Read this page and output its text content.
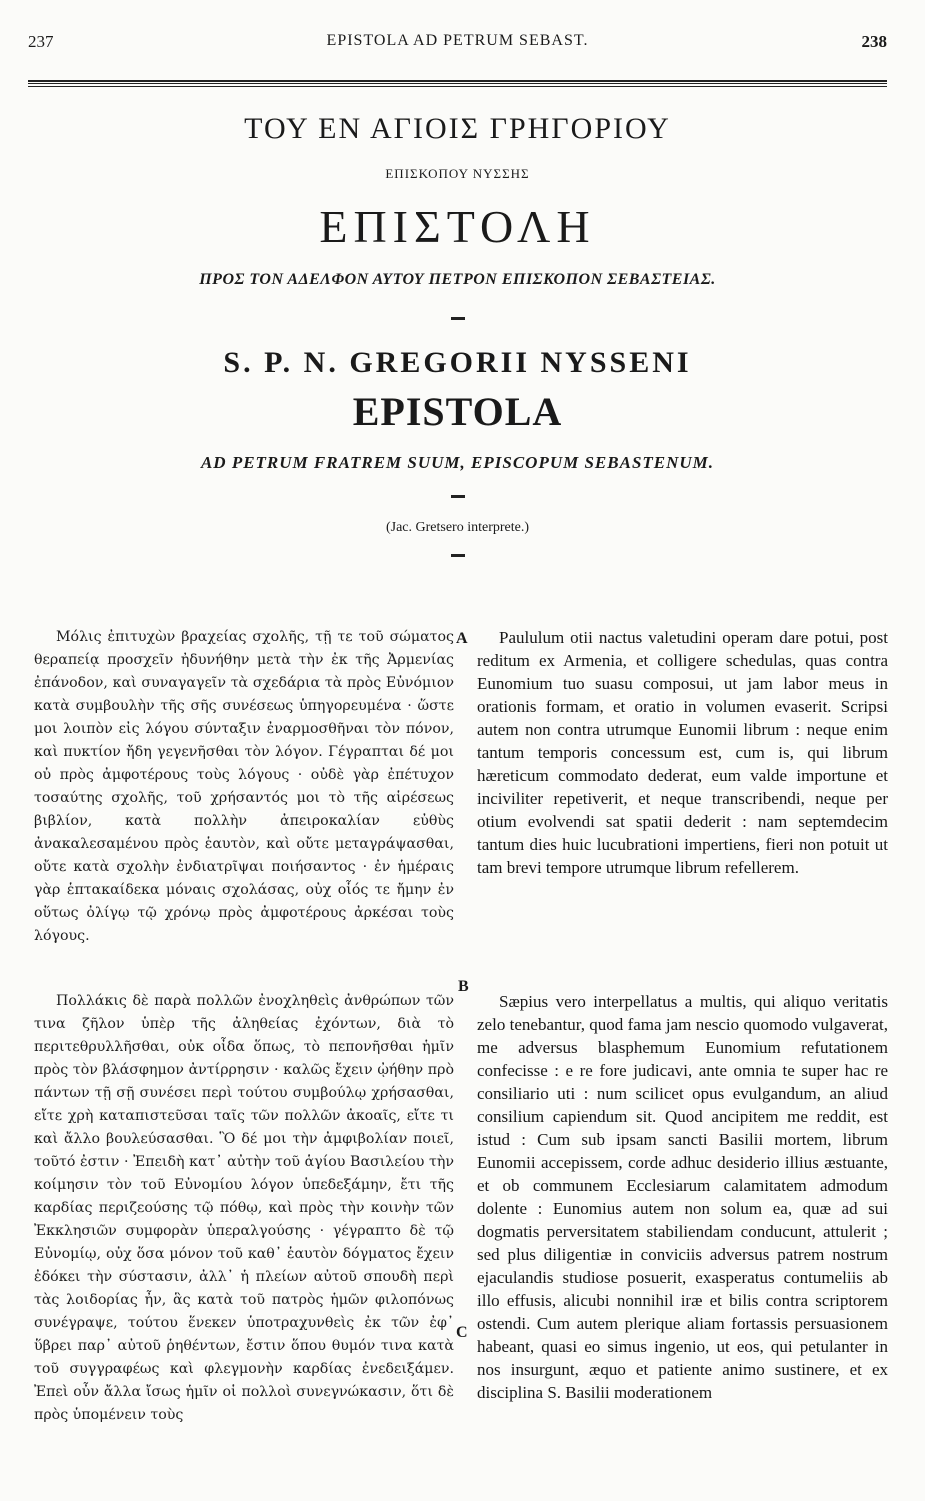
237	EPISTOLA AD PETRUM SEBAST.	238
ΤΟΥ ΕΝ ΑΓΙΟΙΣ ΓΡΗΓΟΡΙΟΥ
ΕΠΙΣΚΟΠΟΥ ΝΥΣΣΗΣ
ΕΠΙΣΤΟΛΗ
ΠΡΟΣ ΤΟΝ ΑΔΕΛΦΟΝ ΑΥΤΟΥ ΠΕΤΡΟΝ ΕΠΙΣΚΟΠΟΝ ΣΕΒΑΣΤΕΙΑΣ.
S. P. N. GREGORII NYSSENI
EPISTOLA
AD PETRUM FRATREM SUUM, EPISCOPUM SEBASTENUM.
(Jac. Gretsero interprete.)

Μόλις ἐπιτυχὼν βραχείας σχολῆς, τῇ τε τοῦ σώματος θεραπείᾳ προσχεῖν ἠδυνήθην μετὰ τὴν ἐκ τῆς Ἀρμενίας ἐπάνοδον, καὶ συναγαγεῖν τὰ σχεδάρια τὰ πρὸς Εὐνόμιον κατὰ συμβουλὴν τῆς σῆς συνέσεως ὑπηγορευμένα · ὥστε μοι λοιπὸν εἰς λόγου σύνταξιν ἐναρμοσθῆναι τὸν πόνον, καὶ πυκτίον ἤδη γεγενῆσθαι τὸν λόγον. Γέγραπται δέ μοι οὐ πρὸς ἀμφοτέρους τοὺς λόγους · οὐδὲ γὰρ ἐπέτυχον τοσαύτης σχολῆς, τοῦ χρήσαντός μοι τὸ τῆς αἱρέσεως βιβλίον, κατὰ πολλὴν ἀπειροκαλίαν εὐθὺς ἀνακαλεσαμένου πρὸς ἑαυτὸν, καὶ οὔτε μεταγράψασθαι, οὔτε κατὰ σχολὴν ἐνδιατρῖψαι ποιήσαντος · ἐν ἡμέραις γὰρ ἑπτακαίδεκα μόναις σχολάσας, οὐχ οἷός τε ἤμην ἐν οὕτως ὀλίγῳ τῷ χρόνῳ πρὸς ἀμφοτέρους ἀρκέσαι τοὺς λόγους.

Πολλάκις δὲ παρὰ πολλῶν ἐνοχληθεὶς ἀνθρώπων τῶν τινα ζῆλον ὑπὲρ τῆς ἀληθείας ἐχόντων, διὰ τὸ περιτεθρυλλῆσθαι, οὐκ οἶδα ὅπως, τὸ πεπονῆσθαι ἡμῖν πρὸς τὸν βλάσφημον ἀντίρρησιν · καλῶς ἔχειν ᾠήθην πρὸ πάντων τῇ σῇ συνέσει περὶ τούτου συμβούλῳ χρήσασθαι, εἴτε χρὴ καταπιστεῦσαι ταῖς τῶν πολλῶν ἀκοαῖς, εἴτε τι καὶ ἄλλο βουλεύσασθαι. Ὃ δέ μοι τὴν ἀμφιβολίαν ποιεῖ, τοῦτό ἐστιν · Ἐπειδὴ κατ᾽ αὐτὴν τοῦ ἁγίου Βασιλείου τὴν κοίμησιν τὸν τοῦ Εὐνομίου λόγον ὑπεδεξάμην, ἔτι τῆς καρδίας περιζεούσης τῷ πόθῳ, καὶ πρὸς τὴν κοινὴν τῶν Ἐκκλησιῶν συμφορὰν ὑπεραλγούσης · γέγραπτο δὲ τῷ Εὐνομίῳ, οὐχ ὅσα μόνον τοῦ καθ᾽ ἑαυτὸν δόγματος ἔχειν ἐδόκει τὴν σύστασιν, ἀλλ᾽ ἡ πλείων αὐτοῦ σπουδὴ περὶ τὰς λοιδορίας ἦν, ἃς κατὰ τοῦ πατρὸς ἡμῶν φιλοπόνως συνέγραψε, τούτου ἕνεκεν ὑποτραχυνθεὶς ἐκ τῶν ἐφ᾽ ὕβρει παρ᾽ αὐτοῦ ῥηθέντων, ἔστιν ὅπου θυμόν τινα κατὰ τοῦ συγγραφέως καὶ φλεγμονὴν καρδίας ἐνεδειξάμεν. Ἐπεὶ οὖν ἄλλα ἴσως ἡμῖν οἱ πολλοὶ συνεγνώκασιν, ὅτι δὲ πρὸς ὑπομένειν τοὺς

A
B
C

Paululum otii nactus valetudini operam dare potui, post reditum ex Armenia, et colligere schedulas, quas contra Eunomium tuo suasu composui, ut jam labor meus in orationis formam, et oratio in volumen evaserit. Scripsi autem non contra utrumque Eunomii librum : neque enim tantum temporis concessum est, cum is, qui librum hæreticum commodato dederat, eum valde importune et inciviliter repetiverit, et neque transcribendi, neque per otium evolvendi sat spatii dederit : nam septemdecim tantum dies huic lucubrationi impertiens, fieri non potuit ut tam brevi tempore utrumque librum refellerem.

Sæpius vero interpellatus a multis, qui aliquo veritatis zelo tenebantur, quod fama jam nescio quomodo vulgaverat, me adversus blasphemum Eunomium refutationem confecisse : e re fore judicavi, ante omnia te super hac re consiliario uti : num scilicet opus evulgandum, an aliud consilium capiendum sit. Quod ancipitem me reddit, est istud : Cum sub ipsam sancti Basilii mortem, librum Eunomii accepissem, corde adhuc desiderio illius æstuante, et ob communem Ecclesiarum calamitatem admodum dolente : Eunomius autem non solum ea, quæ ad sui dogmatis perversitatem stabiliendam conducunt, attulerit ; sed plus diligentiæ in conviciis adversus patrem nostrum ejaculandis studiose posuerit, exasperatus contumeliis ab illo effusis, alicubi nonnihil iræ et bilis contra scriptorem ostendi. Cum autem plerique aliam fortassis persuasionem habeant, quasi eo simus ingenio, ut eos, qui petulanter in nos insurgunt, æquo et patiente animo sustinere, et ex disciplina S. Basilii moderationem
